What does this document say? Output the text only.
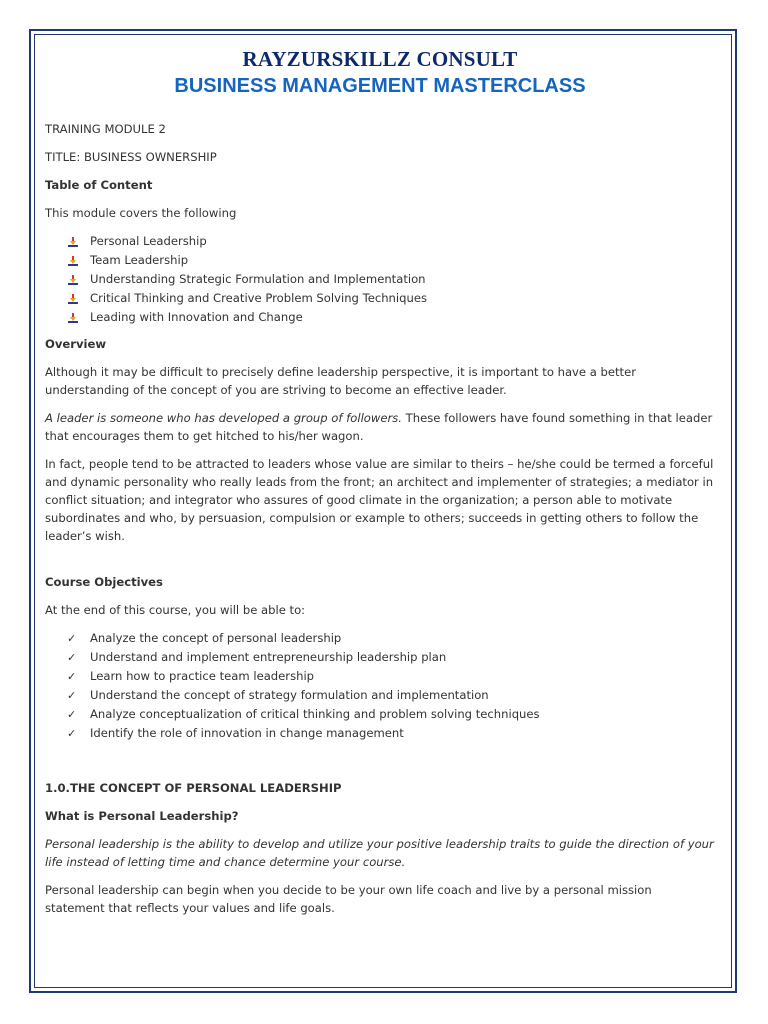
RAYZURSKILLZ CONSULT
BUSINESS MANAGEMENT MASTERCLASS

TRAINING MODULE 2

TITLE: BUSINESS OWNERSHIP

Table of Content

This module covers the following

Personal Leadership
Team Leadership
Understanding Strategic Formulation and Implementation
Critical Thinking and Creative Problem Solving Techniques
Leading with Innovation and Change

Overview

Although it may be difficult to precisely define leadership perspective, it is important to have a better understanding of the concept of you are striving to become an effective leader.

A leader is someone who has developed a group of followers. These followers have found something in that leader that encourages them to get hitched to his/her wagon.

In fact, people tend to be attracted to leaders whose value are similar to theirs – he/she could be termed a forceful and dynamic personality who really leads from the front; an architect and implementer of strategies; a mediator in conflict situation; and integrator who assures of good climate in the organization; a person able to motivate subordinates and who, by persuasion, compulsion or example to others; succeeds in getting others to follow the leader’s wish.

Course Objectives

At the end of this course, you will be able to:

✓	Analyze the concept of personal leadership
✓	Understand and implement entrepreneurship leadership plan
✓	Learn how to practice team leadership
✓	Understand the concept of strategy formulation and implementation
✓	Analyze conceptualization of critical thinking and problem solving techniques
✓	Identify the role of innovation in change management

1.0.THE CONCEPT OF PERSONAL LEADERSHIP

What is Personal Leadership?

Personal leadership is the ability to develop and utilize your positive leadership traits to guide the direction of your life instead of letting time and chance determine your course.

Personal leadership can begin when you decide to be your own life coach and live by a personal mission statement that reflects your values and life goals.
